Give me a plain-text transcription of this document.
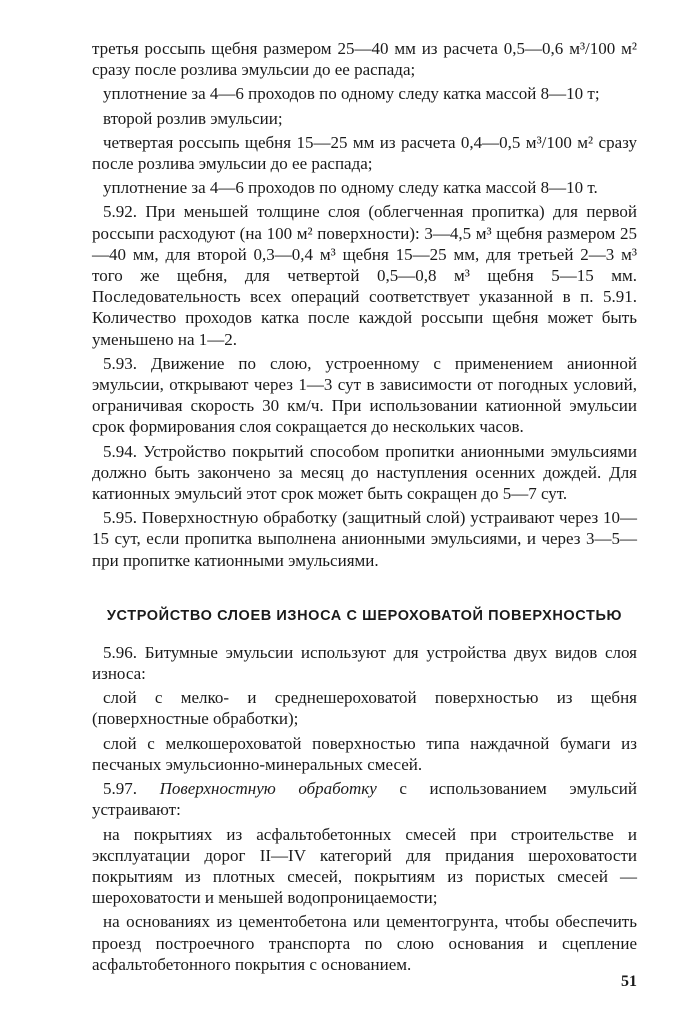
третья россыпь щебня размером 25—40 мм из расчета 0,5—0,6 м³/100 м² сразу после розлива эмульсии до ее распада;

уплотнение за 4—6 проходов по одному следу катка массой 8—10 т;

второй розлив эмульсии;

четвертая россыпь щебня 15—25 мм из расчета 0,4—0,5 м³/100 м² сразу после розлива эмульсии до ее распада;

уплотнение за 4—6 проходов по одному следу катка массой 8—10 т.

5.92. При меньшей толщине слоя (облегченная пропитка) для первой россыпи расходуют (на 100 м² поверхности): 3—4,5 м³ щебня размером 25—40 мм, для второй 0,3—0,4 м³ щебня 15—25 мм, для третьей 2—3 м³ того же щебня, для четвертой 0,5—0,8 м³ щебня 5—15 мм. Последовательность всех операций соответствует указанной в п. 5.91. Количество проходов катка после каждой россыпи щебня может быть уменьшено на 1—2.

5.93. Движение по слою, устроенному с применением анионной эмульсии, открывают через 1—3 сут в зависимости от погодных условий, ограничивая скорость 30 км/ч. При использовании катионной эмульсии срок формирования слоя сокращается до нескольких часов.

5.94. Устройство покрытий способом пропитки анионными эмульсиями должно быть закончено за месяц до наступления осенних дождей. Для катионных эмульсий этот срок может быть сокращен до 5—7 сут.

5.95. Поверхностную обработку (защитный слой) устраивают через 10—15 сут, если пропитка выполнена анионными эмульсиями, и через 3—5—при пропитке катионными эмульсиями.

УСТРОЙСТВО СЛОЕВ ИЗНОСА С ШЕРОХОВАТОЙ ПОВЕРХНОСТЬЮ

5.96. Битумные эмульсии используют для устройства двух видов слоя износа:

слой с мелко- и среднешероховатой поверхностью из щебня (поверхностные обработки);

слой с мелкошероховатой поверхностью типа наждачной бумаги из песчаных эмульсионно-минеральных смесей.

5.97. Поверхностную обработку с использованием эмульсий устраивают:

на покрытиях из асфальтобетонных смесей при строительстве и эксплуатации дорог II—IV категорий для придания шероховатости покрытиям из плотных смесей, покрытиям из пористых смесей — шероховатости и меньшей водопроницаемости;

на основаниях из цементобетона или цементогрунта, чтобы обеспечить проезд построечного транспорта по слою основания и сцепление асфальтобетонного покрытия с основанием.

51
